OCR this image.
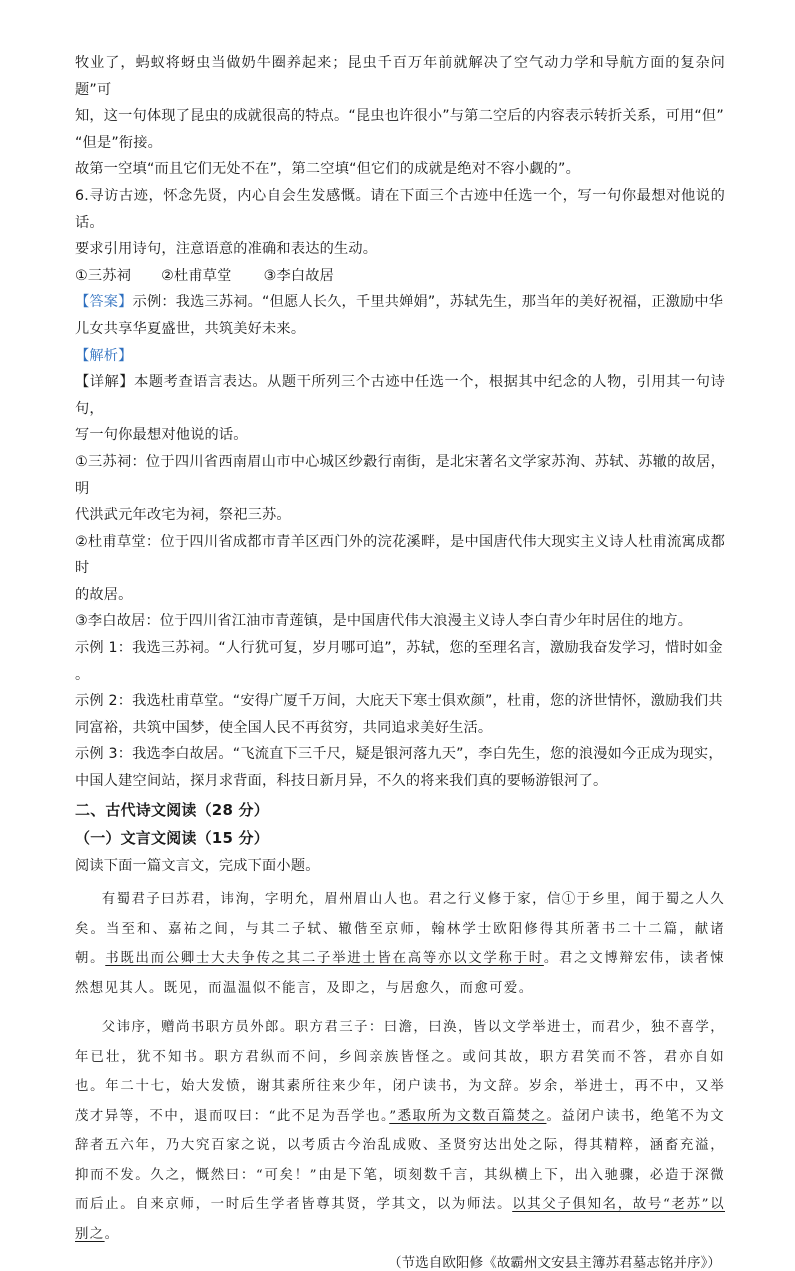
牧业了，蚂蚁将蚜虫当做奶牛圈养起来；昆虫千百万年前就解决了空气动力学和导航方面的复杂问题”可

知，这一句体现了昆虫的成就很高的特点。“昆虫也许很小”与第二空后的内容表示转折关系，可用“但”

“但是”衔接。

故第一空填“而且它们无处不在”，第二空填“但它们的成就是绝对不容小觑的”。

6.寻访古迹，怀念先贤，内心自会生发感慨。请在下面三个古迹中任选一个，写一句你最想对他说的话。

要求引用诗句，注意语意的准确和表达的生动。

①三苏祠 ②杜甫草堂 ③李白故居

【答案】示例：我选三苏祠。“但愿人长久，千里共婵娟”，苏轼先生，那当年的美好祝福，正激励中华

儿女共享华夏盛世，共筑美好未来。

【解析】

【详解】本题考查语言表达。从题干所列三个古迹中任选一个，根据其中纪念的人物，引用其一句诗句，

写一句你最想对他说的话。

①三苏祠：位于四川省西南眉山市中心城区纱縠行南街，是北宋著名文学家苏洵、苏轼、苏辙的故居，明

代洪武元年改宅为祠，祭祀三苏。

②杜甫草堂：位于四川省成都市青羊区西门外的浣花溪畔，是中国唐代伟大现实主义诗人杜甫流寓成都时

的故居。

③李白故居：位于四川省江油市青莲镇，是中国唐代伟大浪漫主义诗人李白青少年时居住的地方。

示例 1：我选三苏祠。“人行犹可复，岁月哪可追”，苏轼，您的至理名言，激励我奋发学习，惜时如金

。

示例 2：我选杜甫草堂。“安得广厦千万间，大庇天下寒士俱欢颜”，杜甫，您的济世情怀，激励我们共

同富裕，共筑中国梦，使全国人民不再贫穷，共同追求美好生活。

示例 3：我选李白故居。“飞流直下三千尺，疑是银河落九天”，李白先生，您的浪漫如今正成为现实，

中国人建空间站，探月求背面，科技日新月异，不久的将来我们真的要畅游银河了。

二、古代诗文阅读（28 分）

（一）文言文阅读（15 分）

阅读下面一篇文言文，完成下面小题。

有蜀君子曰苏君，讳洵，字明允，眉州眉山人也。君之行义修于家，信①于乡里，闻于蜀之人久矣。当至和、嘉祐之间，与其二子轼、辙偕至京师，翰林学士欧阳修得其所著书二十二篇，献诸朝。书既出而公卿士大夫争传之其二子举进士皆在高等亦以文学称于时。君之文博辩宏伟，读者悚然想见其人。既见，而温温似不能言，及即之，与居愈久，而愈可爱。

父讳序，赠尚书职方员外郎。职方君三子：曰澹，曰涣，皆以文学举进士，而君少，独不喜学，年已壮，犹不知书。职方君纵而不问，乡闾亲族皆怪之。或问其故，职方君笑而不答，君亦自如也。年二十七，始大发愤，谢其素所往来少年，闭户读书，为文辞。岁余，举进士，再不中，又举茂才异等，不中，退而叹曰：“此不足为吾学也。”悉取所为文数百篇焚之。益闭户读书，绝笔不为文辞者五六年，乃大究百家之说，以考质古今治乱成败、圣贤穷达出处之际，得其精粹，涵畜充溢，抑而不发。久之，慨然曰：“可矣！”由是下笔，顷刻数千言，其纵横上下，出入驰骤，必造于深微而后止。自来京师，一时后生学者皆尊其贤，学其文，以为师法。以其父子俱知名，故号“老苏”以别之。

（节选自欧阳修《故霸州文安县主簿苏君墓志铭并序》）
